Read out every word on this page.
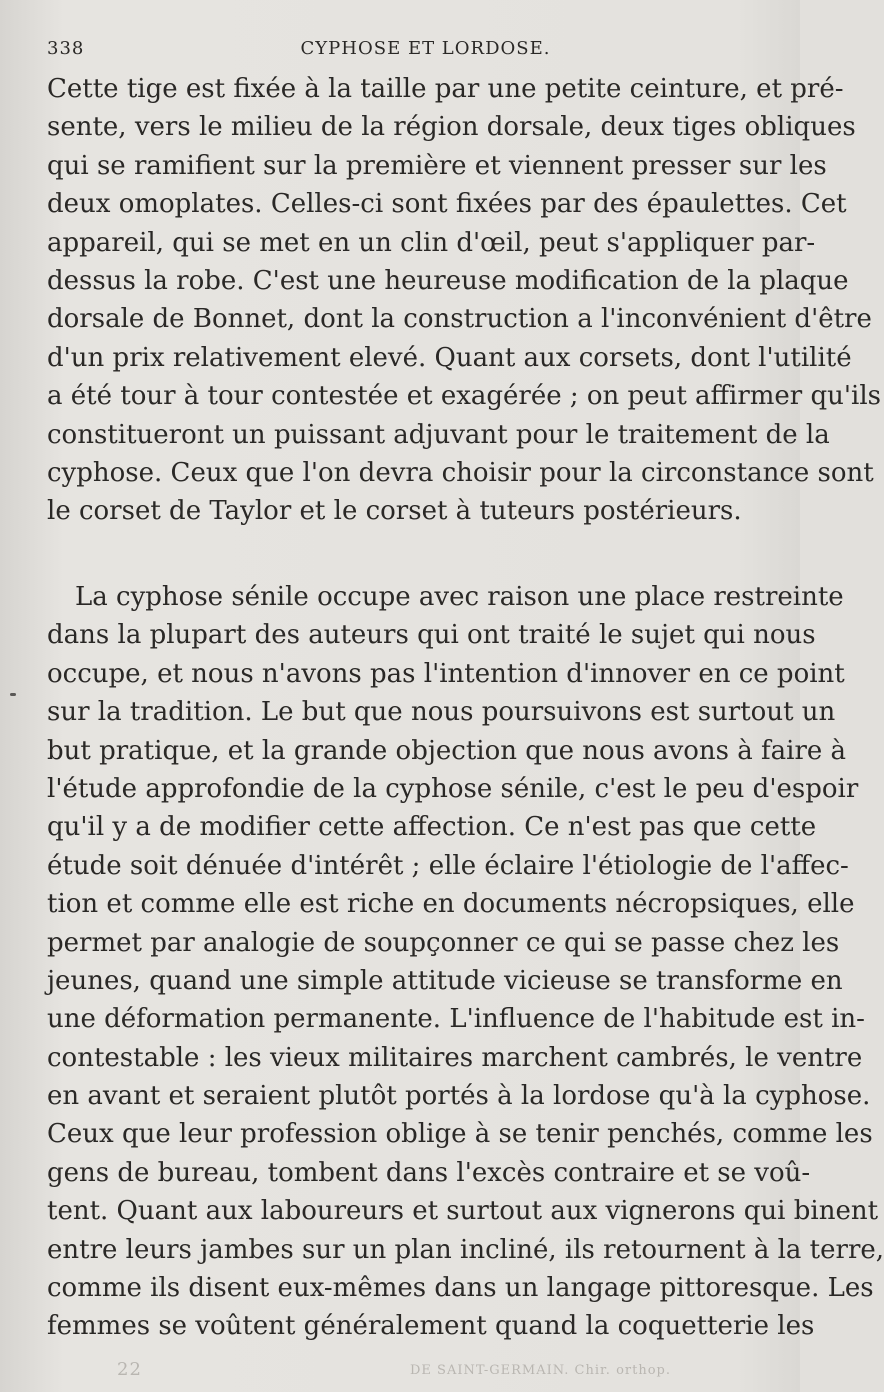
338	CYPHOSE ET LORDOSE.
Cette tige est fixée à la taille par une petite ceinture, et pré-
sente, vers le milieu de la région dorsale, deux tiges obliques
qui se ramifient sur la première et viennent presser sur les
deux omoplates. Celles-ci sont fixées par des épaulettes. Cet
appareil, qui se met en un clin d'œil, peut s'appliquer par-
dessus la robe. C'est une heureuse modification de la plaque
dorsale de Bonnet, dont la construction a l'inconvénient d'être
d'un prix relativement elevé. Quant aux corsets, dont l'utilité
a été tour à tour contestée et exagérée ; on peut affirmer qu'ils
constitueront un puissant adjuvant pour le traitement de la
cyphose. Ceux que l'on devra choisir pour la circonstance sont
le corset de Taylor et le corset à tuteurs postérieurs.
La cyphose sénile occupe avec raison une place restreinte
dans la plupart des auteurs qui ont traité le sujet qui nous
occupe, et nous n'avons pas l'intention d'innover en ce point
sur la tradition. Le but que nous poursuivons est surtout un
but pratique, et la grande objection que nous avons à faire à
l'étude approfondie de la cyphose sénile, c'est le peu d'espoir
qu'il y a de modifier cette affection. Ce n'est pas que cette
étude soit dénuée d'intérêt ; elle éclaire l'étiologie de l'affec-
tion et comme elle est riche en documents nécropsiques, elle
permet par analogie de soupçonner ce qui se passe chez les
jeunes, quand une simple attitude vicieuse se transforme en
une déformation permanente. L'influence de l'habitude est in-
contestable : les vieux militaires marchent cambrés, le ventre
en avant et seraient plutôt portés à la lordose qu'à la cyphose.
Ceux que leur profession oblige à se tenir penchés, comme les
gens de bureau, tombent dans l'excès contraire et se voû-
tent. Quant aux laboureurs et surtout aux vignerons qui binent
entre leurs jambes sur un plan incliné, ils retournent à la terre,
comme ils disent eux-mêmes dans un langage pittoresque. Les
femmes se voûtent généralement quand la coquetterie les
22	DE SAINT-GERMAIN. Chir. orthop.
